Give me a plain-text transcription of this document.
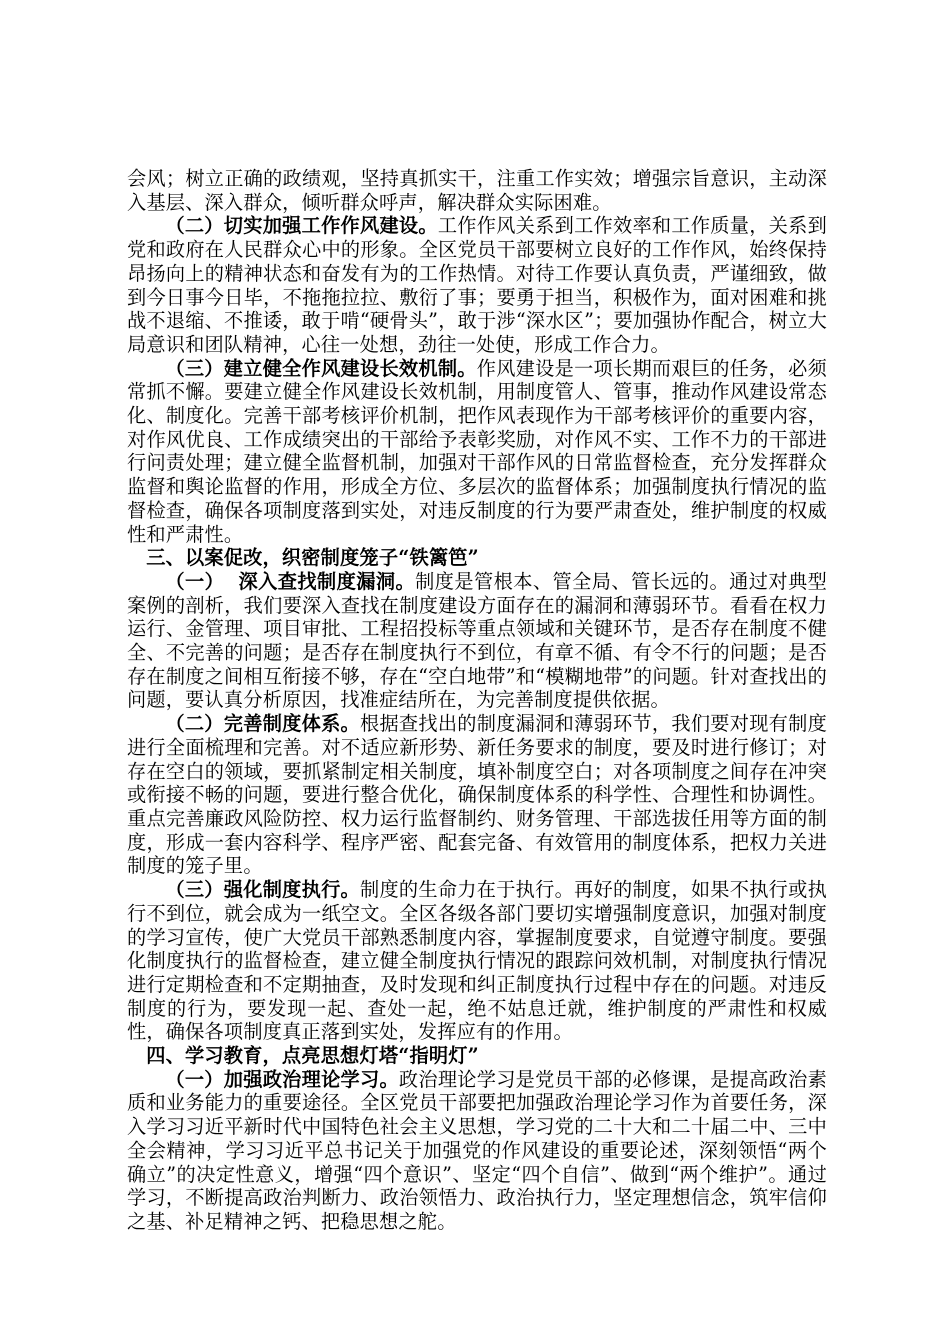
会风；树立正确的政绩观，坚持真抓实干，注重工作实效；增强宗旨意识，主动深入基层、深入群众，倾听群众呼声，解决群众实际困难。

（二）切实加强工作作风建设。工作作风关系到工作效率和工作质量，关系到党和政府在人民群众心中的形象。全区党员干部要树立良好的工作作风，始终保持昂扬向上的精神状态和奋发有为的工作热情。对待工作要认真负责，严谨细致，做到今日事今日毕，不拖拖拉拉、敷衍了事；要勇于担当，积极作为，面对困难和挑战不退缩、不推诿，敢于啃“硬骨头”，敢于涉“深水区”；要加强协作配合，树立大局意识和团队精神，心往一处想，劲往一处使，形成工作合力。

（三）建立健全作风建设长效机制。作风建设是一项长期而艰巨的任务，必须常抓不懈。要建立健全作风建设长效机制，用制度管人、管事，推动作风建设常态化、制度化。完善干部考核评价机制，把作风表现作为干部考核评价的重要内容，对作风优良、工作成绩突出的干部给予表彰奖励，对作风不实、工作不力的干部进行问责处理；建立健全监督机制，加强对干部作风的日常监督检查，充分发挥群众监督和舆论监督的作用，形成全方位、多层次的监督体系；加强制度执行情况的监督检查，确保各项制度落到实处，对违反制度的行为要严肃查处，维护制度的权威性和严肃性。

三、以案促改，织密制度笼子“铁篱笆”

（一）  深入查找制度漏洞。制度是管根本、管全局、管长远的。通过对典型案例的剖析，我们要深入查找在制度建设方面存在的漏洞和薄弱环节。看看在权力运行、金管理、项目审批、工程招投标等重点领域和关键环节，是否存在制度不健全、不完善的问题；是否存在制度执行不到位，有章不循、有令不行的问题；是否存在制度之间相互衔接不够，存在“空白地带”和“模糊地带”的问题。针对查找出的问题，要认真分析原因，找准症结所在，为完善制度提供依据。

（二）完善制度体系。根据查找出的制度漏洞和薄弱环节，我们要对现有制度进行全面梳理和完善。对不适应新形势、新任务要求的制度，要及时进行修订；对存在空白的领域，要抓紧制定相关制度，填补制度空白；对各项制度之间存在冲突或衔接不畅的问题，要进行整合优化，确保制度体系的科学性、合理性和协调性。重点完善廉政风险防控、权力运行监督制约、财务管理、干部选拔任用等方面的制度，形成一套内容科学、程序严密、配套完备、有效管用的制度体系，把权力关进制度的笼子里。

（三）强化制度执行。制度的生命力在于执行。再好的制度，如果不执行或执行不到位，就会成为一纸空文。全区各级各部门要切实增强制度意识，加强对制度的学习宣传，使广大党员干部熟悉制度内容，掌握制度要求，自觉遵守制度。要强化制度执行的监督检查，建立健全制度执行情况的跟踪问效机制，对制度执行情况进行定期检查和不定期抽查，及时发现和纠正制度执行过程中存在的问题。对违反制度的行为，要发现一起、查处一起，绝不姑息迁就，维护制度的严肃性和权威性，确保各项制度真正落到实处，发挥应有的作用。

四、学习教育，点亮思想灯塔“指明灯”

（一）加强政治理论学习。政治理论学习是党员干部的必修课，是提高政治素质和业务能力的重要途径。全区党员干部要把加强政治理论学习作为首要任务，深入学习习近平新时代中国特色社会主义思想，学习党的二十大和二十届二中、三中全会精神，学习习近平总书记关于加强党的作风建设的重要论述，深刻领悟“两个确立”的决定性意义，增强“四个意识”、坚定“四个自信”、做到“两个维护”。通过学习，不断提高政治判断力、政治领悟力、政治执行力，坚定理想信念，筑牢信仰之基、补足精神之钙、把稳思想之舵。
